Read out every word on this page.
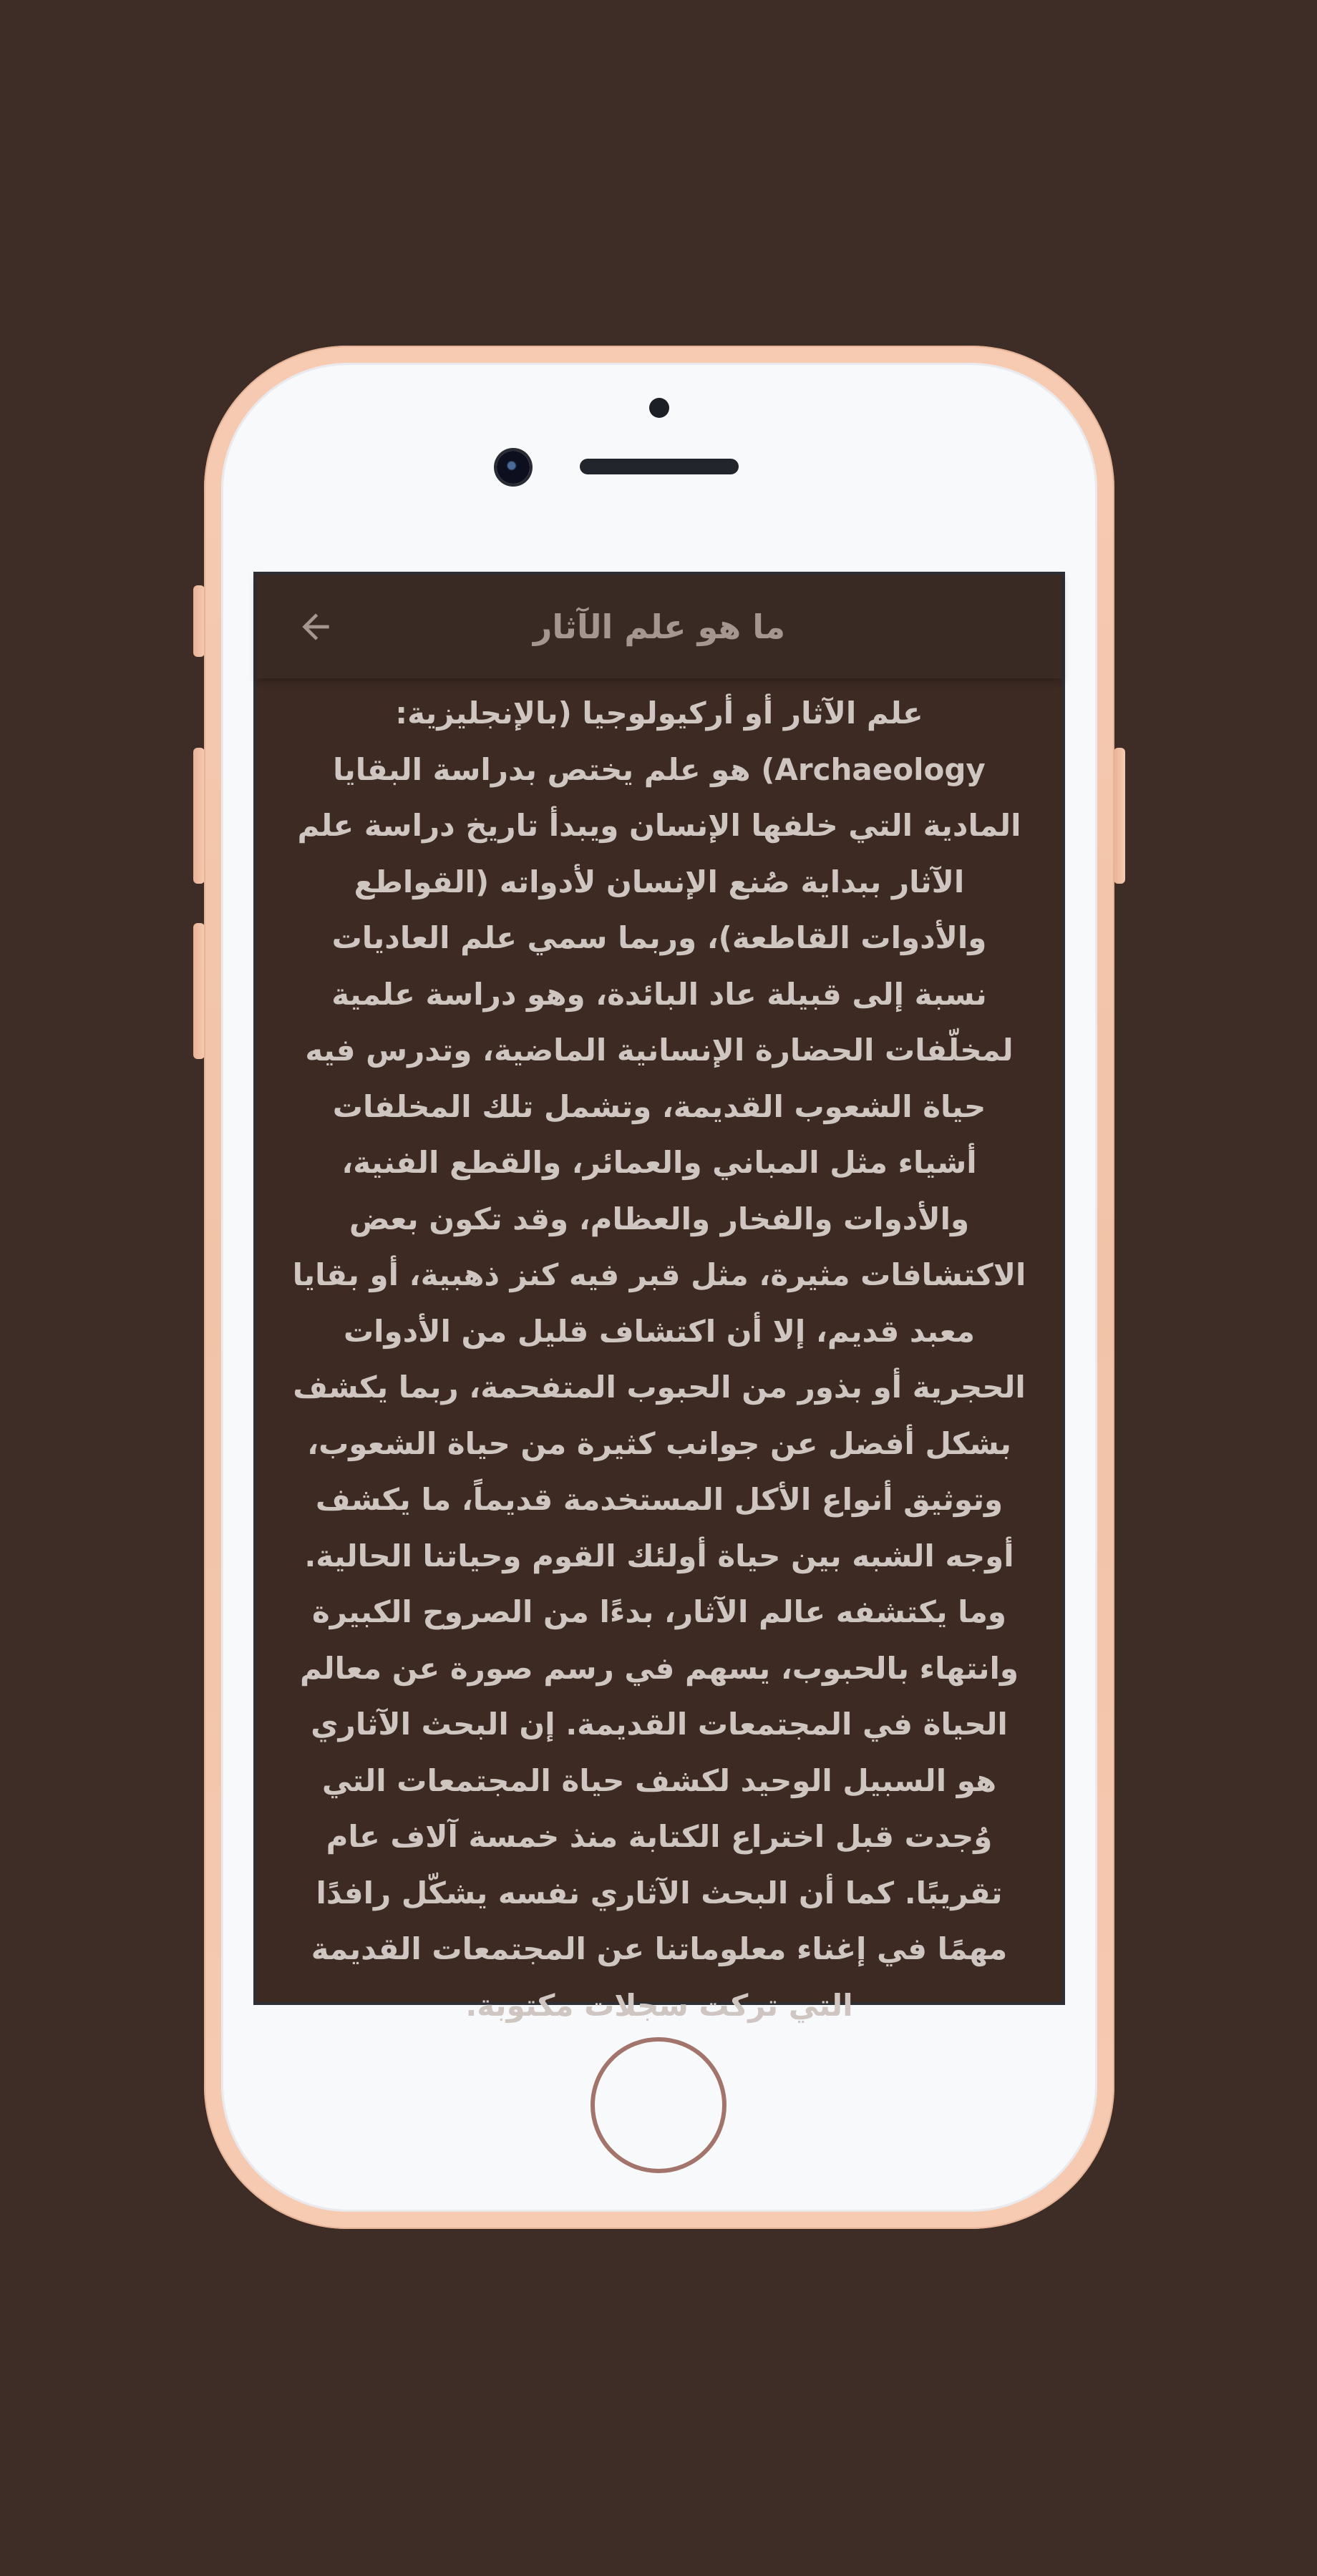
ما هو علم الآثار

علم الآثار أو أركيولوجيا (بالإنجليزية: Archaeology) هو علم يختص بدراسة البقايا المادية التي خلفها الإنسان ويبدأ تاريخ دراسة علم الآثار ببداية صُنع الإنسان لأدواته (القواطع والأدوات القاطعة)، وربما سمي علم العاديات نسبة إلى قبيلة عاد البائدة، وهو دراسة علمية لمخلّفات الحضارة الإنسانية الماضية، وتدرس فيه حياة الشعوب القديمة، وتشمل تلك المخلفات أشياء مثل المباني والعمائر، والقطع الفنية، والأدوات والفخار والعظام، وقد تكون بعض الاكتشافات مثيرة، مثل قبر فيه كنز ذهبية، أو بقايا معبد قديم، إلا أن اكتشاف قليل من الأدوات الحجرية أو بذور من الحبوب المتفحمة، ربما يكشف بشكل أفضل عن جوانب كثيرة من حياة الشعوب، وتوثيق أنواع الأكل المستخدمة قديماً، ما يكشف أوجه الشبه بين حياة أولئك القوم وحياتنا الحالية. وما يكتشفه عالم الآثار، بدءًا من الصروح الكبيرة وانتهاء بالحبوب، يسهم في رسم صورة عن معالم الحياة في المجتمعات القديمة. إن البحث الآثاري هو السبيل الوحيد لكشف حياة المجتمعات التي وُجدت قبل اختراع الكتابة منذ خمسة آلاف عام تقريبًا. كما أن البحث الآثاري نفسه يشكّل رافدًا مهمًا في إغناء معلوماتنا عن المجتمعات القديمة التي تركت سجلات مكتوبة.
